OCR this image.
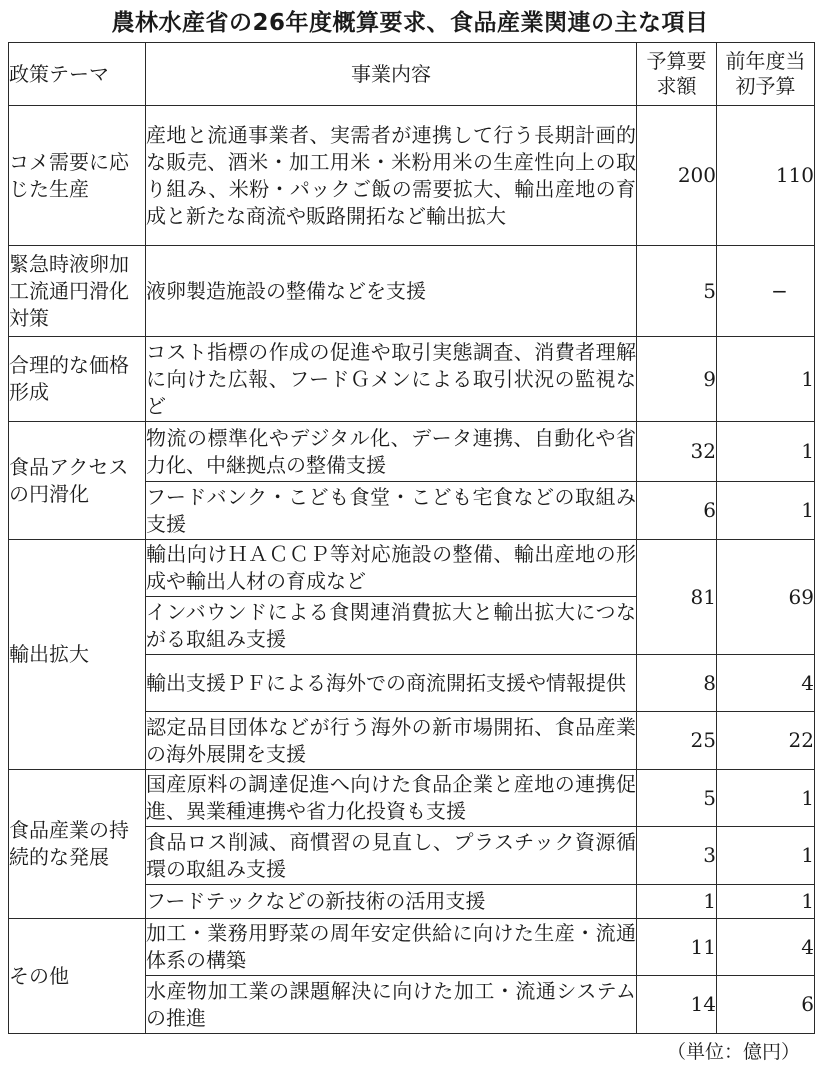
農林水産省の26年度概算要求、食品産業関連の主な項目
政策テーマ	事業内容	予算要求額	前年度当初予算
コメ需要に応じた生産	産地と流通事業者、実需者が連携して行う長期計画的な販売、酒米・加工用米・米粉用米の生産性向上の取り組み、米粉・パックご飯の需要拡大、輸出産地の育成と新たな商流や販路開拓など輸出拡大	200	110
緊急時液卵加工流通円滑化対策	液卵製造施設の整備などを支援	5	−
合理的な価格形成	コスト指標の作成の促進や取引実態調査、消費者理解に向けた広報、フードＧメンによる取引状況の監視など	9	1
食品アクセスの円滑化	物流の標準化やデジタル化、データ連携、自動化や省力化、中継拠点の整備支援	32	1
	フードバンク・こども食堂・こども宅食などの取組み支援	6	1
輸出拡大	輸出向けＨＡＣＣＰ等対応施設の整備、輸出産地の形成や輸出人材の育成など	81	69
	インバウンドによる食関連消費拡大と輸出拡大につながる取組み支援		
	輸出支援ＰＦによる海外での商流開拓支援や情報提供	8	4
	認定品目団体などが行う海外の新市場開拓、食品産業の海外展開を支援	25	22
食品産業の持続的な発展	国産原料の調達促進へ向けた食品企業と産地の連携促進、異業種連携や省力化投資も支援	5	1
	食品ロス削減、商慣習の見直し、プラスチック資源循環の取組み支援	3	1
	フードテックなどの新技術の活用支援	1	1
その他	加工・業務用野菜の周年安定供給に向けた生産・流通体系の構築	11	4
	水産物加工業の課題解決に向けた加工・流通システムの推進	14	6
（単位：億円）
